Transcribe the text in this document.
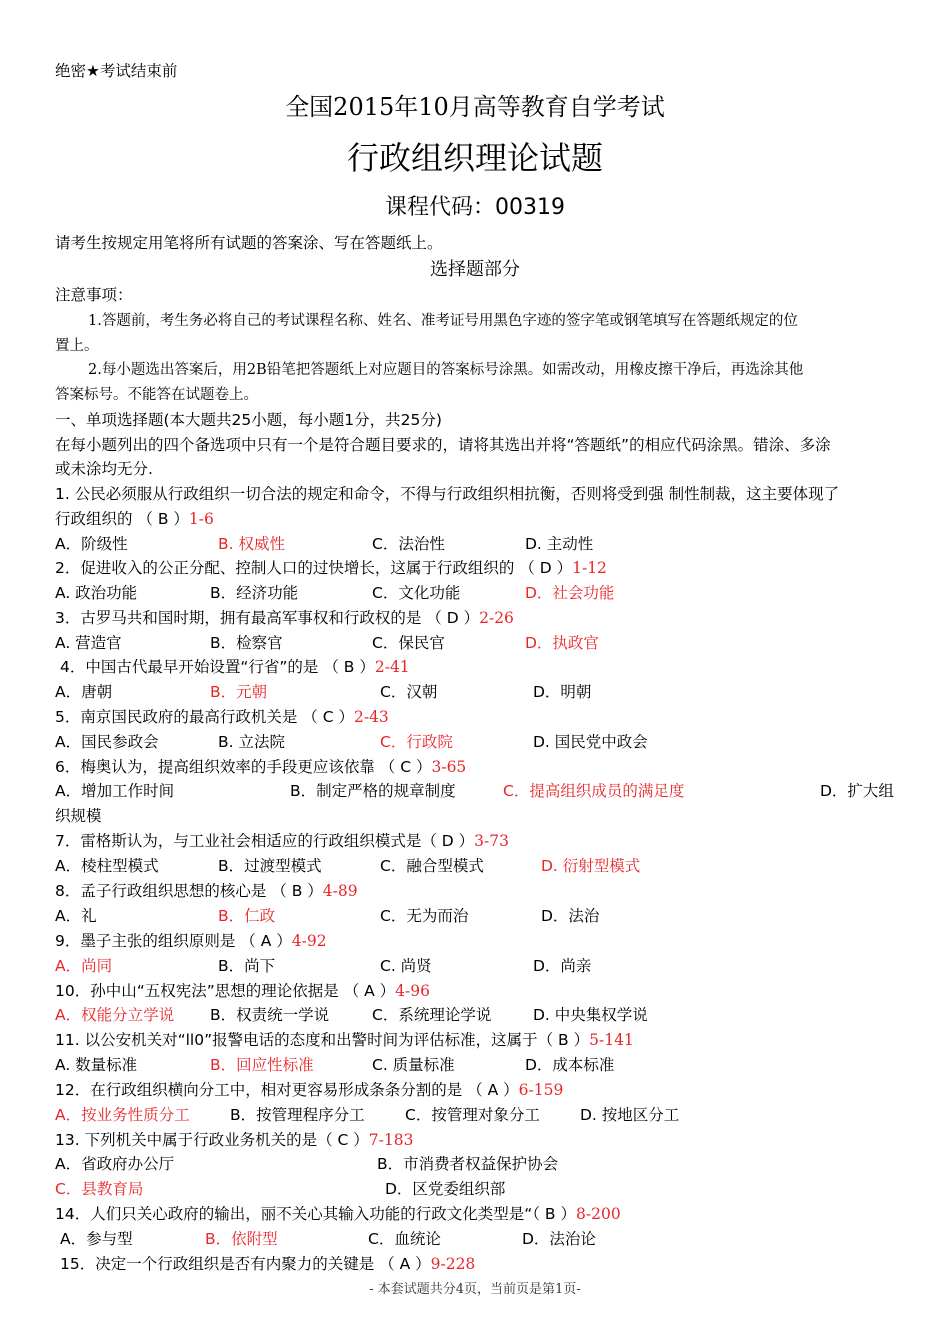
绝密★考试结束前
全国2015年10月高等教育自学考试
行政组织理论试题
课程代码：00319
请考生按规定用笔将所有试题的答案涂、写在答题纸上。
选择题部分
注意事项：
1.答题前，考生务必将自己的考试课程名称、姓名、准考证号用黑色字迹的签字笔或钢笔填写在答题纸规定的位
置上。
2.每小题选出答案后，用2B铅笔把答题纸上对应题目的答案标号涂黑。如需改动，用橡皮擦干净后，再选涂其他
答案标号。不能答在试题卷上。
一、单项选择题(本大题共25小题，每小题1分，共25分)
在每小题列出的四个备选项中只有一个是符合题目要求的，请将其选出并将“答题纸”的相应代码涂黑。错涂、多涂
或未涂均无分.
1. 公民必须服从行政组织一切合法的规定和命令，不得与行政组织相抗衡，否则将受到强 制性制裁，这主要体现了
行政组织的 （ B ）1-6
A．阶级性	B. 权威性	C．法治性	D. 主动性
2．促进收入的公正分配、控制人口的过快增长，这属于行政组织的 （ D ）1-12
A. 政治功能	B．经济功能	C．文化功能	D．社会功能
3．古罗马共和国时期，拥有最高军事权和行政权的是 （ D ）2-26
A. 营造官	B．检察官	C．保民官	D．执政官
4．中国古代最早开始设置“行省”的是 （ B ）2-41
A．唐朝	B．元朝	C．汉朝	D．明朝
5．南京国民政府的最高行政机关是 （ C ）2-43
A．国民参政会	B. 立法院	C．行政院	D. 国民党中政会
6．梅奥认为，提高组织效率的手段更应该依靠 （ C ）3-65
A．增加工作时间	B．制定严格的规章制度	C．提高组织成员的满足度	D．扩大组
织规模
7．雷格斯认为，与工业社会相适应的行政组织模式是（ D ）3-73
A．棱柱型模式	B．过渡型模式	C．融合型模式	D. 衍射型模式
8．孟子行政组织思想的核心是 （ B ）4-89
A．礼	B．仁政	C．无为而治	D．法治
9．墨子主张的组织原则是 （ A ）4-92
A．尚同	B．尚下	C. 尚贤	D．尚亲
10．孙中山“五权宪法”思想的理论依据是 （ A ）4-96
A．权能分立学说 B．权责统一学说	C．系统理论学说	D. 中央集权学说
11. 以公安机关对“ll0”报警电话的态度和出警时间为评估标准，这属于（ B ）5-141
A. 数量标准	B．回应性标准	C. 质量标准	D．成本标准
12．在行政组织横向分工中，相对更容易形成条条分割的是 （ A ）6-159
A．按业务性质分工	B．按管理程序分工	C．按管理对象分工	D. 按地区分工
13. 下列机关中属于行政业务机关的是（ C ）7-183
A．省政府办公厅	B．市消费者权益保护协会
C．县教育局	D．区党委组织部
14．人们只关心政府的输出，丽不关心其输入功能的行政文化类型是“（ B ）8-200
A．参与型	B．依附型	C．血统论	D．法治论
15．决定一个行政组织是否有内聚力的关键是 （ A ）9-228
- 本套试题共分4页，当前页是第1页-
